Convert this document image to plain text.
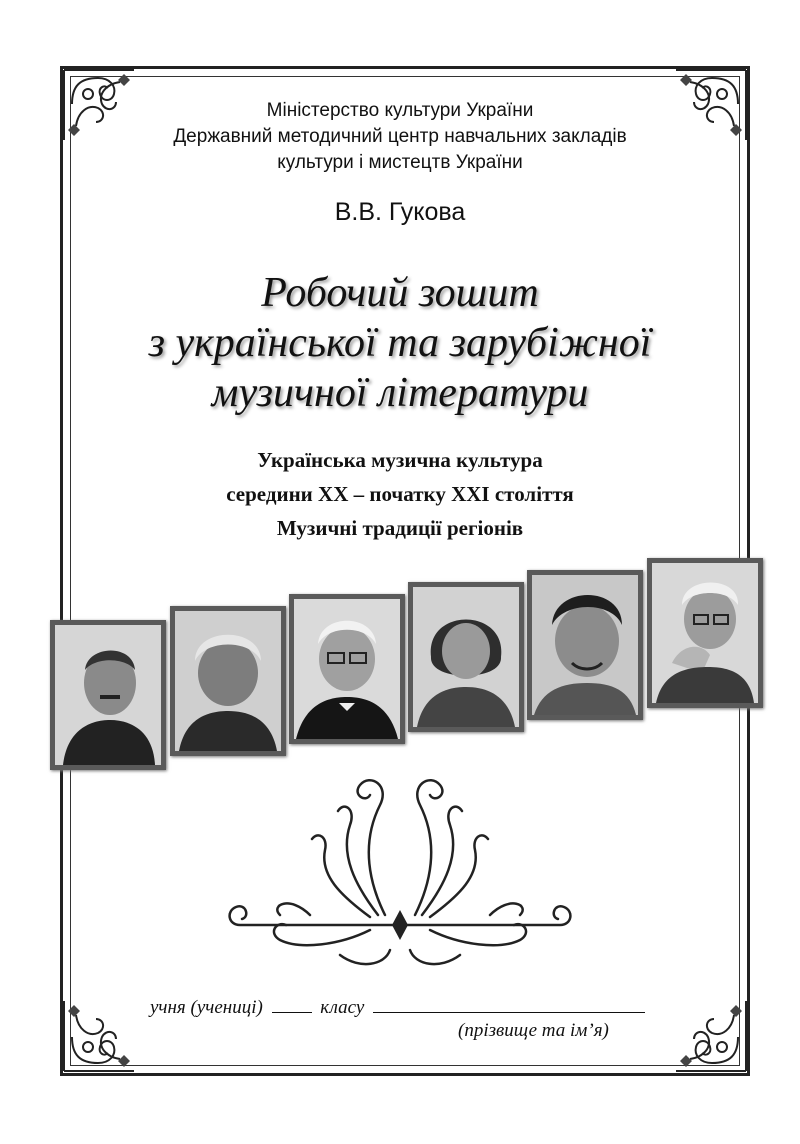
Міністерство культури України
Державний методичний центр навчальних закладів
культури і мистецтв України
В.В. Гукова
Робочий зошит
з української та зарубіжної
музичної літератури
Українська музична культура
середини XX – початку XXI століття
Музичні традиції регіонів
учня (учениці)	класу
(прізвище та ім’я)
